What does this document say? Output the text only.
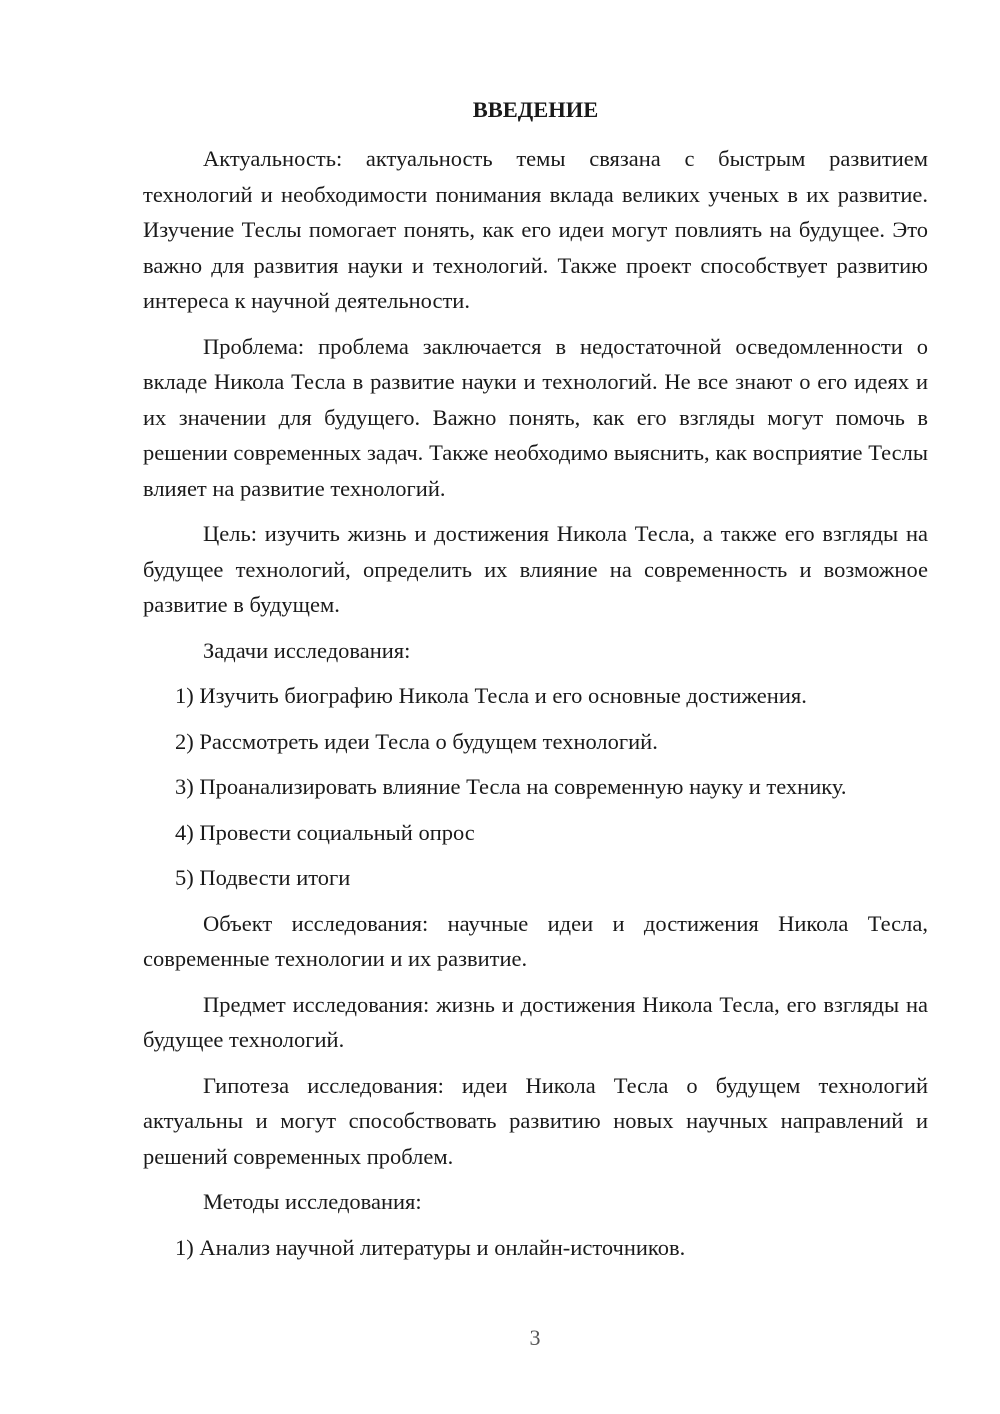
ВВЕДЕНИЕ

Актуальность: актуальность темы связана с быстрым развитием технологий и необходимости понимания вклада великих ученых в их развитие. Изучение Теслы помогает понять, как его идеи могут повлиять на будущее. Это важно для развития науки и технологий. Также проект способствует развитию интереса к научной деятельности.

Проблема: проблема заключается в недостаточной осведомленности о вкладе Никола Тесла в развитие науки и технологий. Не все знают о его идеях и их значении для будущего. Важно понять, как его взгляды могут помочь в решении современных задач. Также необходимо выяснить, как восприятие Теслы влияет на развитие технологий.

Цель: изучить жизнь и достижения Никола Тесла, а также его взгляды на будущее технологий, определить их влияние на современность и возможное развитие в будущем.

Задачи исследования:

1) Изучить биографию Никола Тесла и его основные достижения.
2) Рассмотреть идеи Тесла о будущем технологий.
3) Проанализировать влияние Тесла на современную науку и технику.
4) Провести социальный опрос
5) Подвести итоги

Объект исследования: научные идеи и достижения Никола Тесла, современные технологии и их развитие.

Предмет исследования: жизнь и достижения Никола Тесла, его взгляды на будущее технологий.

Гипотеза исследования: идеи Никола Тесла о будущем технологий актуальны и могут способствовать развитию новых научных направлений и решений современных проблем.

Методы исследования:

1) Анализ научной литературы и онлайн-источников.
3
